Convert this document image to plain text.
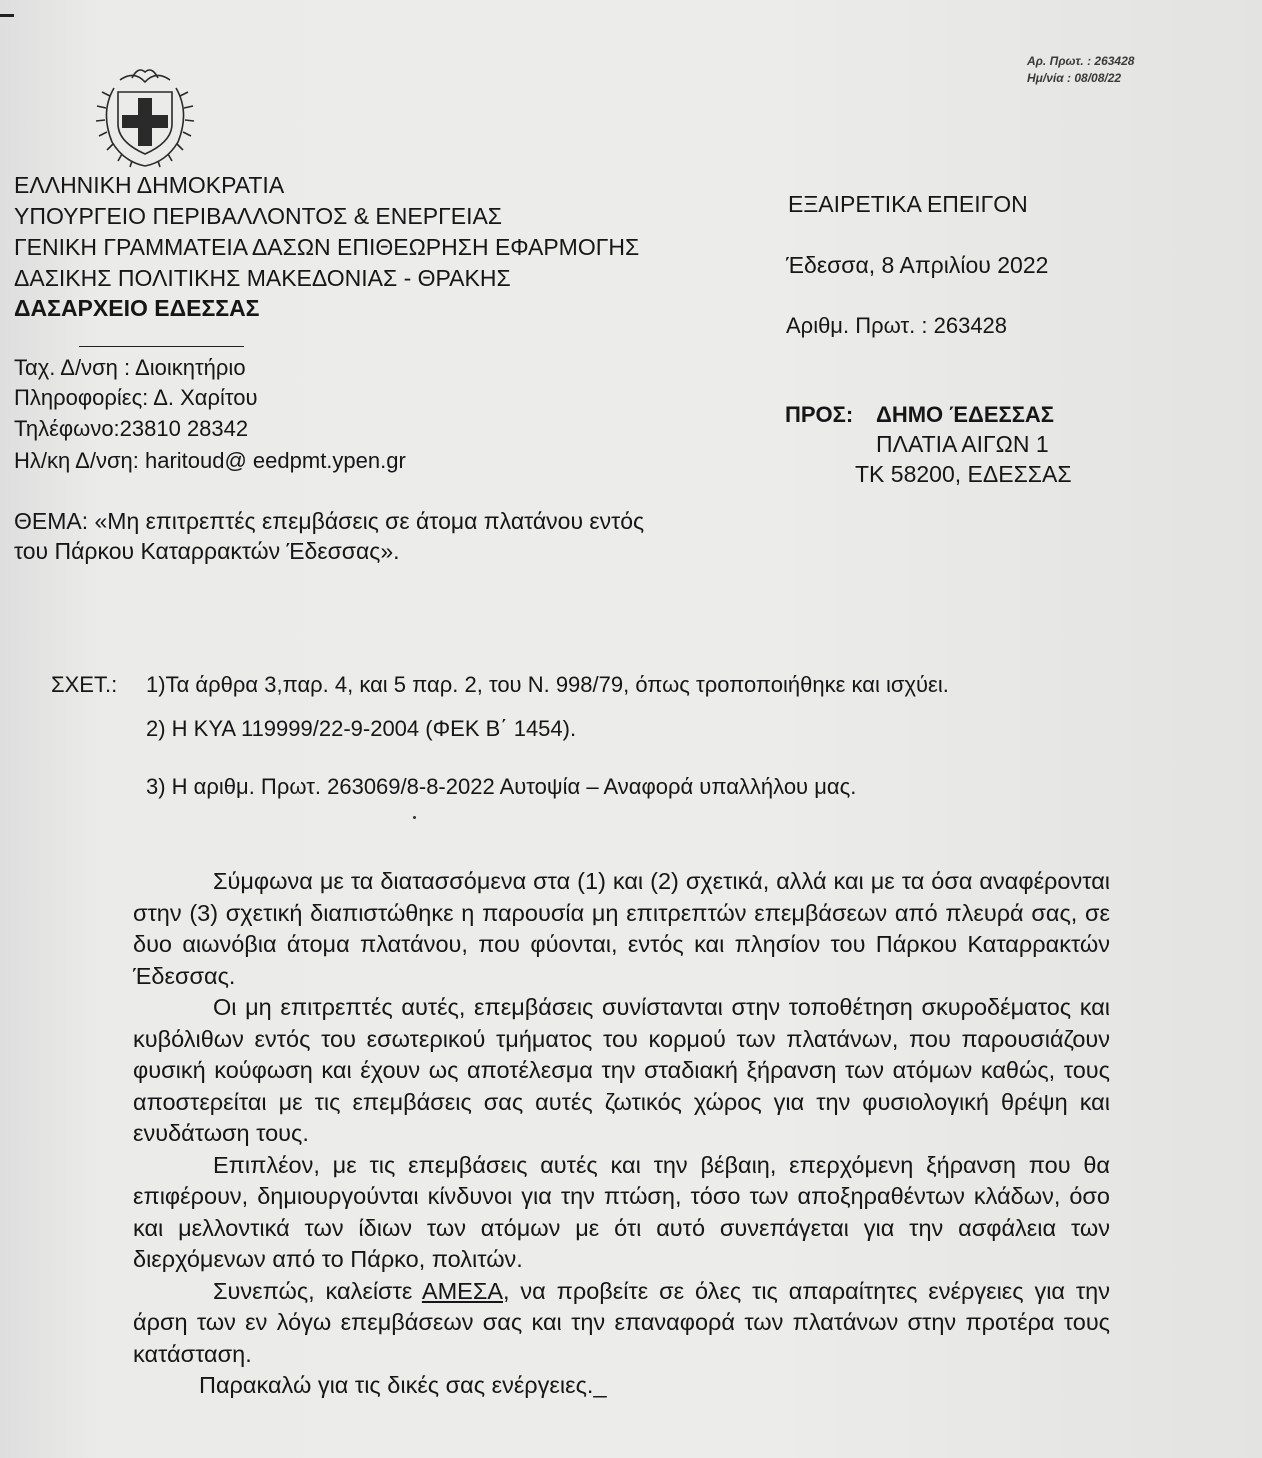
Αρ. Πρωτ. : 263428
Ημ/νία : 08/08/22
ΕΛΛΗΝΙΚΗ ΔΗΜΟΚΡΑΤΙΑ
ΥΠΟΥΡΓΕΙΟ ΠΕΡΙΒΑΛΛΟΝΤΟΣ & ΕΝΕΡΓΕΙΑΣ
ΓΕΝΙΚΗ ΓΡΑΜΜΑΤΕΙΑ ΔΑΣΩΝ ΕΠΙΘΕΩΡΗΣΗ ΕΦΑΡΜΟΓΗΣ
ΔΑΣΙΚΗΣ ΠΟΛΙΤΙΚΗΣ ΜΑΚΕΔΟΝΙΑΣ - ΘΡΑΚΗΣ
ΔΑΣΑΡΧΕΙΟ ΕΔΕΣΣΑΣ
Ταχ. Δ/νση : Διοικητήριο
Πληροφορίες: Δ. Χαρίτου
Τηλέφωνο:23810 28342
Ηλ/κη Δ/νση: haritoud@ eedpmt.ypen.gr
ΕΞΑΙΡΕΤΙΚΑ ΕΠΕΙΓΟΝ
Έδεσσα, 8 Απριλίου 2022
Αριθμ. Πρωτ. : 263428
ΠΡΟΣ: ΔΗΜΟ ΈΔΕΣΣΑΣ
ΠΛΑΤΙΑ ΑΙΓΩΝ 1
ΤΚ 58200, ΕΔΕΣΣΑΣ
ΘΕΜΑ: «Μη επιτρεπτές επεμβάσεις σε άτομα πλατάνου εντός
του Πάρκου Καταρρακτών Έδεσσας».
ΣΧΕΤ.: 1)Τα άρθρα 3,παρ. 4, και 5 παρ. 2, του Ν. 998/79, όπως τροποποιήθηκε και ισχύει.
2) Η ΚΥΑ 119999/22-9-2004 (ΦΕΚ Β΄ 1454).
3) Η αριθμ. Πρωτ. 263069/8-8-2022 Αυτοψία – Αναφορά υπαλλήλου μας.

Σύμφωνα με τα διατασσόμενα στα (1) και (2) σχετικά, αλλά και με τα όσα αναφέρονται στην (3) σχετική διαπιστώθηκε η παρουσία μη επιτρεπτών επεμβάσεων από πλευρά σας, σε δυο αιωνόβια άτομα πλατάνου, που φύονται, εντός και πλησίον του Πάρκου Καταρρακτών Έδεσσας.

Οι μη επιτρεπτές αυτές, επεμβάσεις συνίστανται στην τοποθέτηση σκυροδέματος και κυβόλιθων εντός του εσωτερικού τμήματος του κορμού των πλατάνων, που παρουσιάζουν φυσική κούφωση και έχουν ως αποτέλεσμα την σταδιακή ξήρανση των ατόμων καθώς, τους αποστερείται με τις επεμβάσεις σας αυτές ζωτικός χώρος για την φυσιολογική θρέψη και ενυδάτωση τους.

Επιπλέον, με τις επεμβάσεις αυτές και την βέβαιη, επερχόμενη ξήρανση που θα επιφέρουν, δημιουργούνται κίνδυνοι για την πτώση, τόσο των αποξηραθέντων κλάδων, όσο και μελλοντικά των ίδιων των ατόμων με ότι αυτό συνεπάγεται για την ασφάλεια των διερχόμενων από το Πάρκο, πολιτών.

Συνεπώς, καλείστε ΑΜΕΣΑ, να προβείτε σε όλες τις απαραίτητες ενέργειες για την άρση των εν λόγω επεμβάσεων σας και την επαναφορά των πλατάνων στην προτέρα τους κατάσταση.

Παρακαλώ για τις δικές σας ενέργειες._
